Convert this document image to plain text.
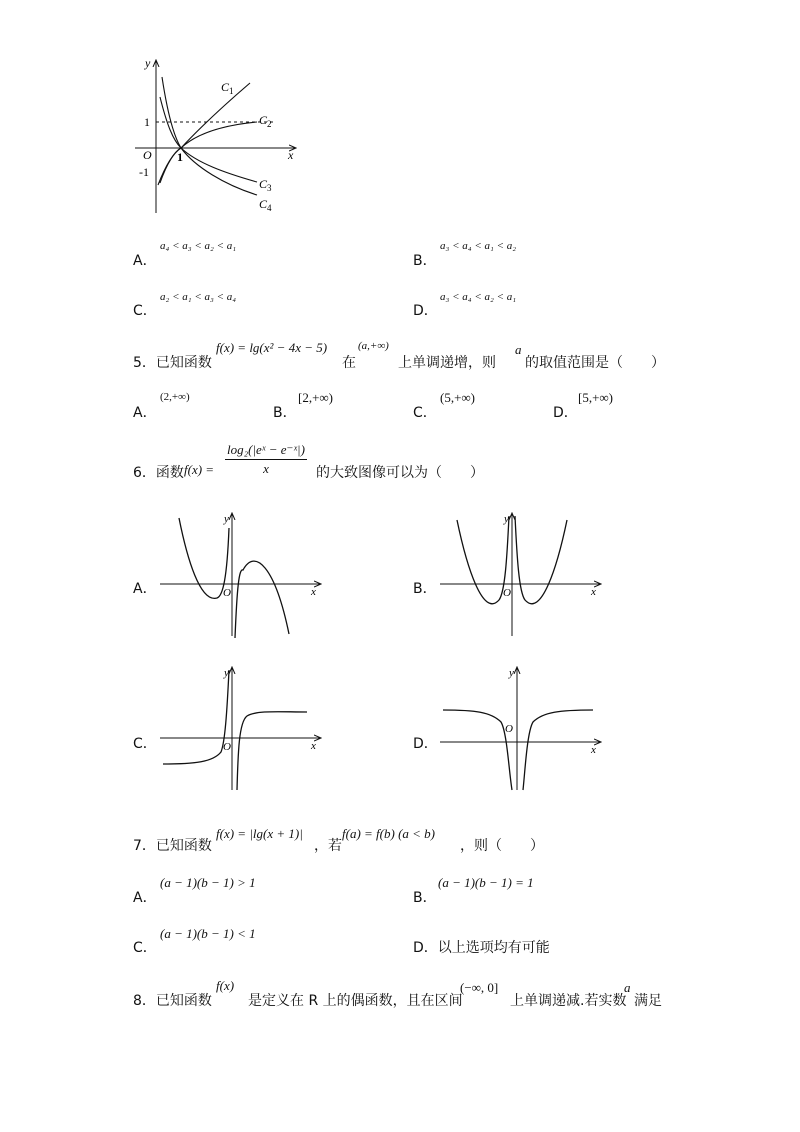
y
x
O
1
-1
1
$C_1$
$C_2$
$C_3$
$C_4$
A．
a₄ < a₃ < a₂ < a₁
B．
a₃ < a₄ < a₁ < a₂
C．
a₂ < a₁ < a₃ < a₄
D．
a₃ < a₄ < a₂ < a₁
5．已知函数
f(x) = lg(x² − 4x − 5)
在
(a,+∞)
上单调递增，则
a
的取值范围是（　　）
A．
(2,+∞)
B．
[2,+∞)
C．
(5,+∞)
D．
[5,+∞)
6．函数 $f(x) = \frac{\text{log₂(|eˣ − e⁻ˣ|)}}{x}$ 的大致图像可以为（　　）
A．
y
x
O	B．
y
x
O
C．
y
x
O	D．
y
x
O
7．已知函数
f(x) = |lg(x + 1)|
，若
f(a) = f(b) (a < b)
，则（　　）
A．
(a − 1)(b − 1) > 1
B．
(a − 1)(b − 1) = 1
C．
(a − 1)(b − 1) < 1
D．以上选项均有可能
8．已知函数
f(x)
是定义在 R 上的偶函数，且在区间
(−∞, 0]
上单调递减.若实数
a
满足
